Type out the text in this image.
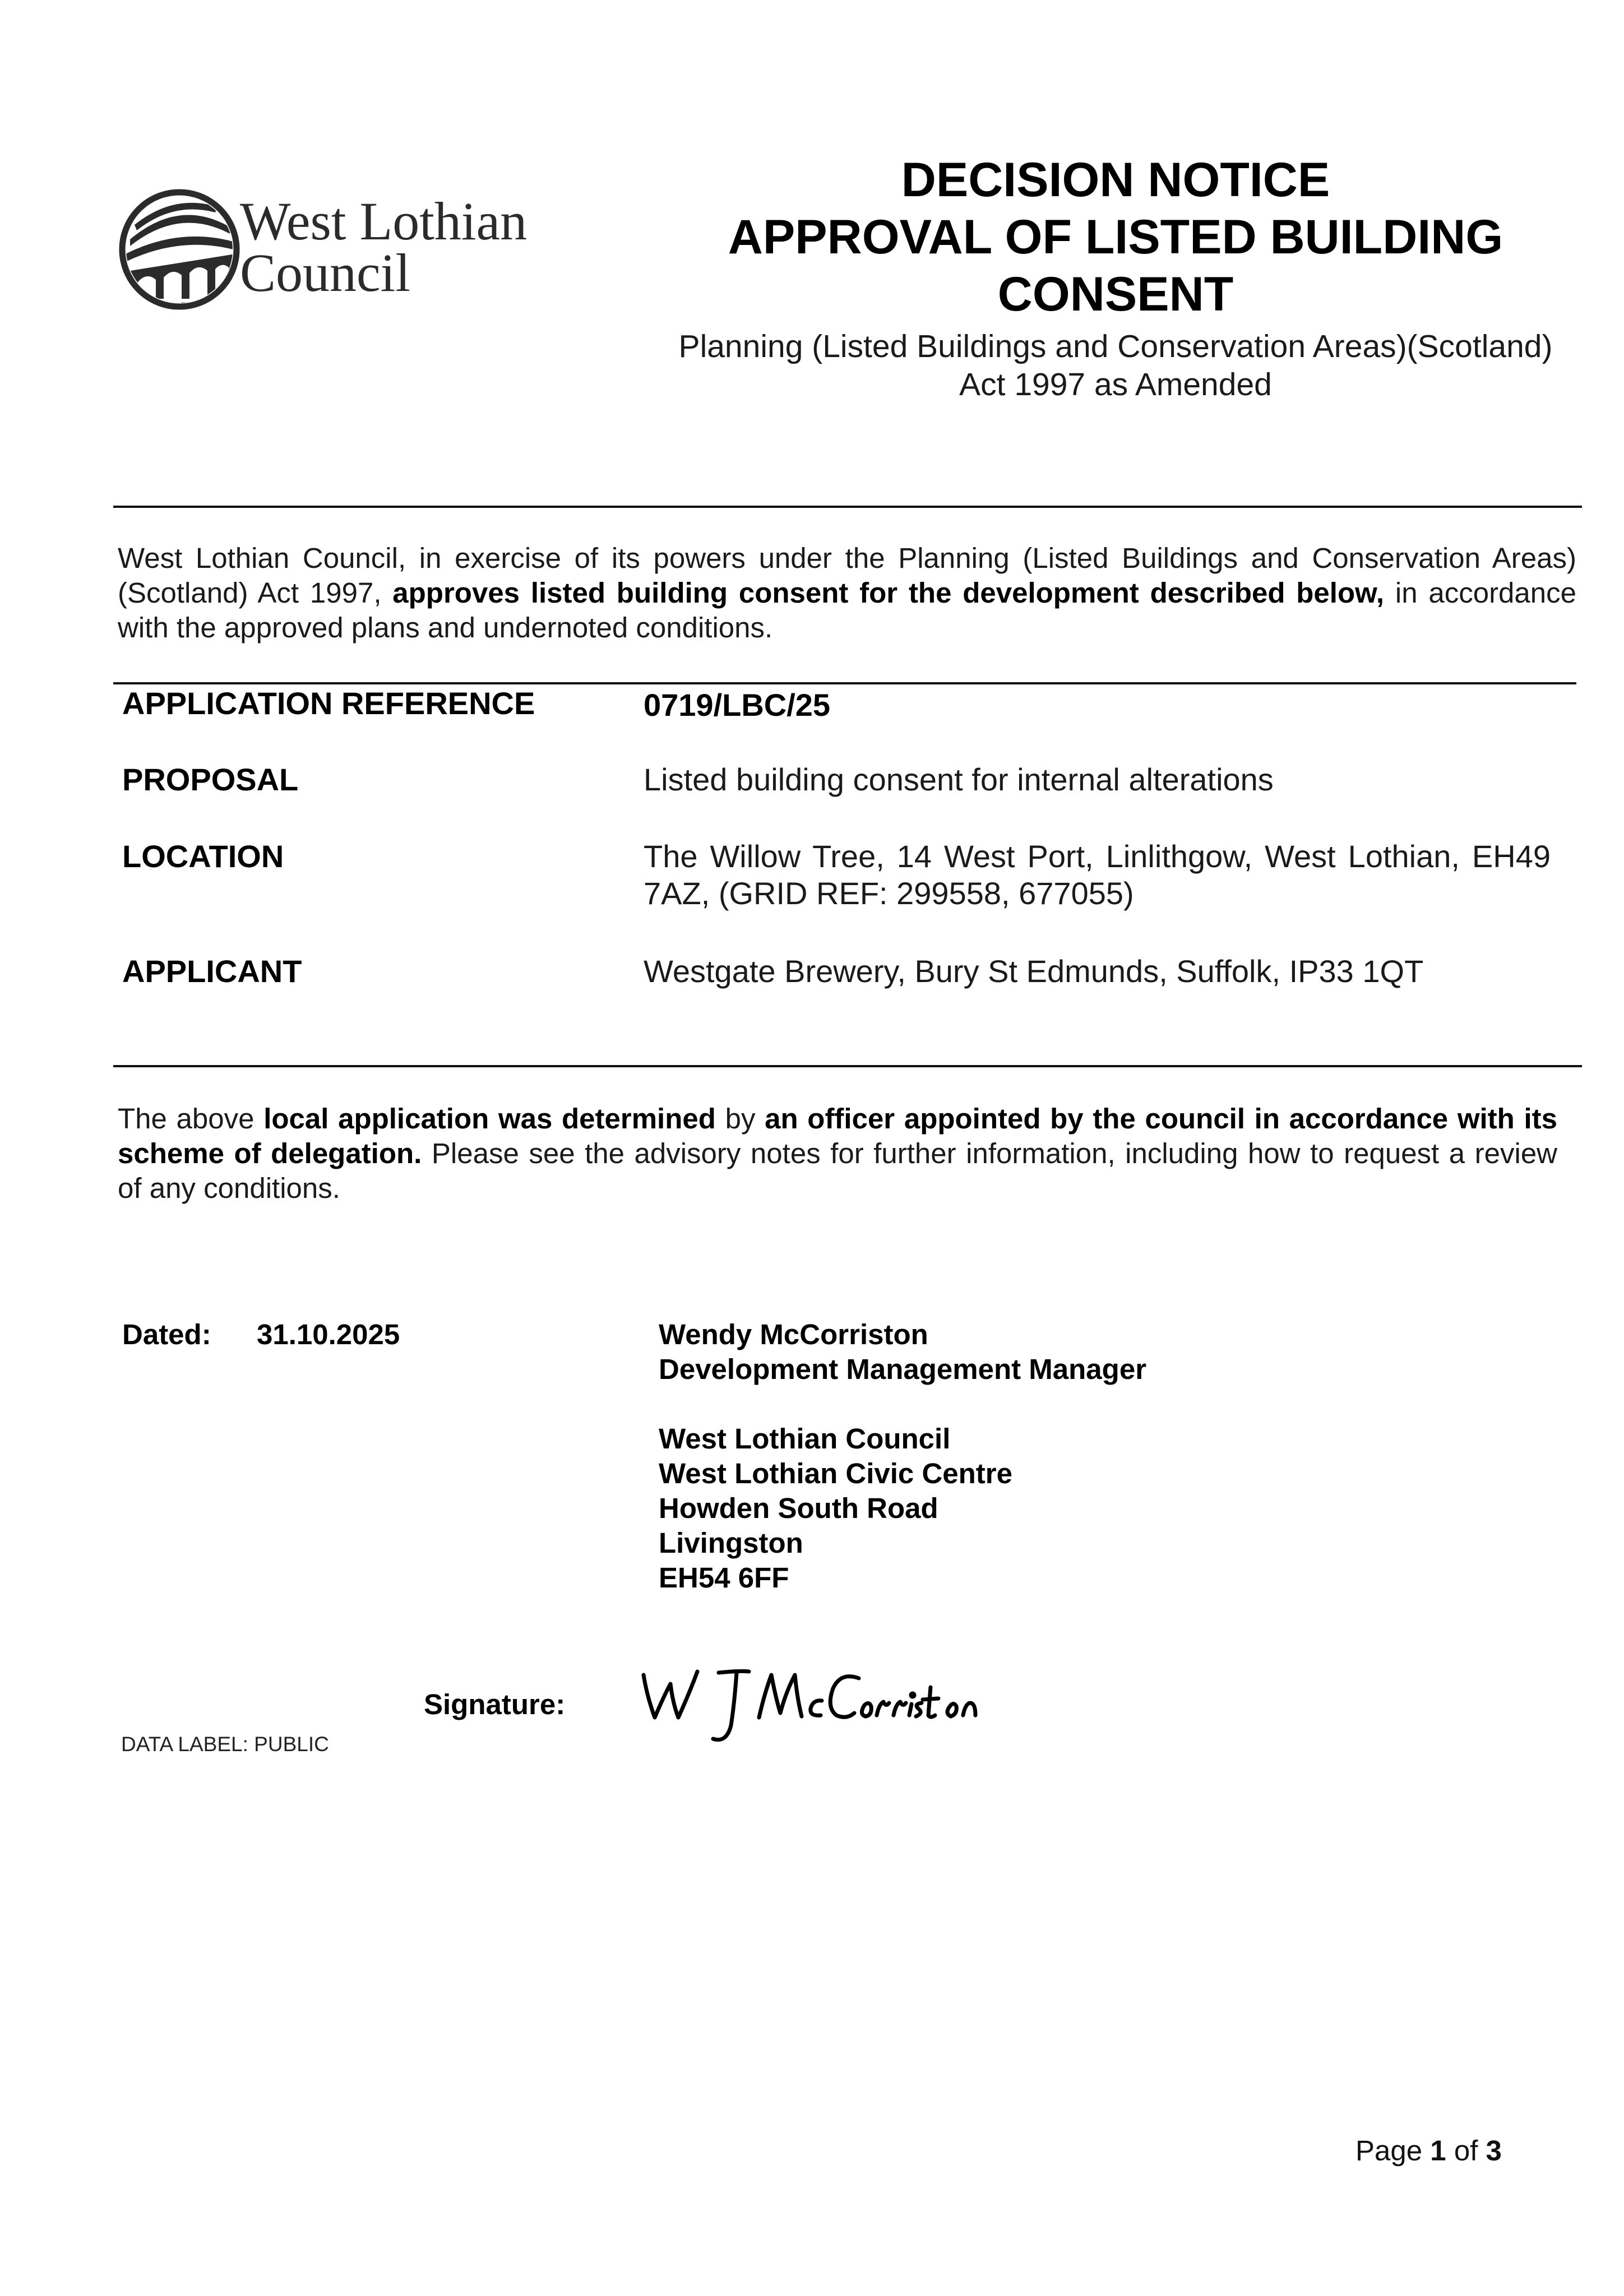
West Lothian
Council
DECISION NOTICE
APPROVAL OF LISTED BUILDING
CONSENT
Planning (Listed Buildings and Conservation Areas)(Scotland)
Act 1997 as Amended
West Lothian Council, in exercise of its powers under the Planning (Listed Buildings and Conservation Areas)(Scotland) Act 1997, approves listed building consent for the development described below, in accordance with the approved plans and undernoted conditions.
APPLICATION REFERENCE	0719/LBC/25
PROPOSAL	Listed building consent for internal alterations
LOCATION	The Willow Tree, 14 West Port, Linlithgow, West Lothian, EH49 7AZ, (GRID REF: 299558, 677055)
APPLICANT	Westgate Brewery, Bury St Edmunds, Suffolk, IP33 1QT
The above local application was determined by an officer appointed by the council in accordance with its scheme of delegation. Please see the advisory notes for further information, including how to request a review of any conditions.
Dated: 31.10.2025	Wendy McCorriston
Development Management Manager
West Lothian Council
West Lothian Civic Centre
Howden South Road
Livingston
EH54 6FF
Signature:
DATA LABEL: PUBLIC
Page 1 of 3
